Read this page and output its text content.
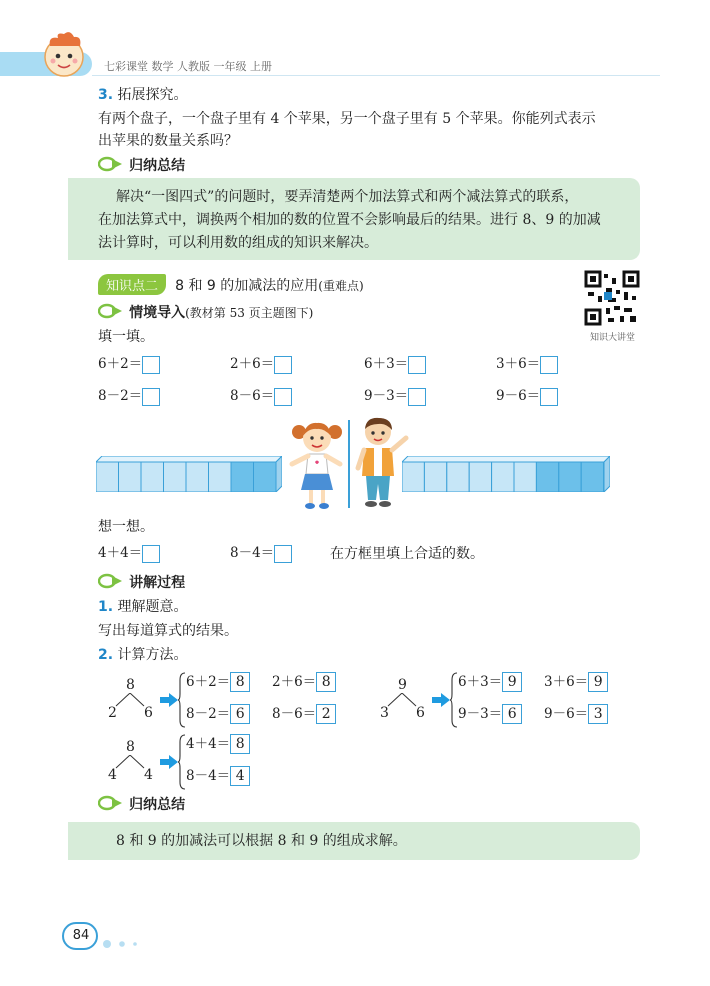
七彩课堂 数学 人教版 一年级 上册
3. 拓展探究。
有两个盘子，一个盘子里有 4 个苹果，另一个盘子里有 5 个苹果。你能列式表示
出苹果的数量关系吗？
归纳总结
解决“一图四式”的问题时，要弄清楚两个加法算式和两个减法算式的联系，
在加法算式中，调换两个相加的数的位置不会影响最后的结果。进行 8、9 的加减
法计算时，可以利用数的组成的知识来解决。
知识点二 8 和 9 的加减法的应用(重难点)
知识大讲堂
情境导入(教材第 53 页主题图下)
填一填。
6＋2＝	2＋6＝	6＋3＝	3＋6＝
8－2＝	8－6＝	9－3＝	9－6＝
想一想。
4＋4＝	8－4＝	在方框里填上合适的数。
讲解过程
1. 理解题意。
写出每道算式的结果。
2. 计算方法。
8
2 6
6＋2＝ 8	2＋6＝ 8
8－2＝ 6	8－6＝ 2
9
3 6
6＋3＝ 9	3＋6＝ 9
9－3＝ 6	9－6＝ 3
8
4 4
4＋4＝ 8
8－4＝ 4
归纳总结
8 和 9 的加减法可以根据 8 和 9 的组成求解。
84
